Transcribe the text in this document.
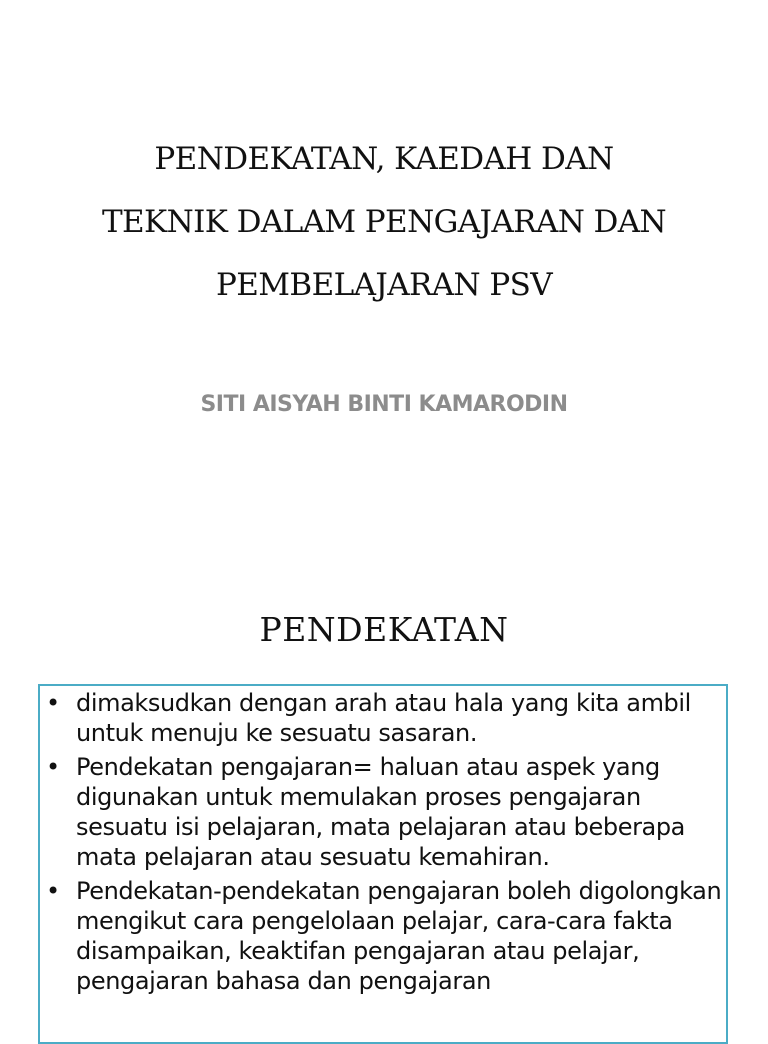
PENDEKATAN, KAEDAH DAN
TEKNIK DALAM PENGAJARAN DAN
PEMBELAJARAN PSV
SITI AISYAH BINTI KAMARODIN
PENDEKATAN
• dimaksudkan dengan arah atau hala yang kita ambil untuk menuju ke sesuatu sasaran.
• Pendekatan pengajaran= haluan atau aspek yang digunakan untuk memulakan proses pengajaran sesuatu isi pelajaran, mata pelajaran atau beberapa mata pelajaran atau sesuatu kemahiran.
• Pendekatan-pendekatan pengajaran boleh digolongkan mengikut cara pengelolaan pelajar, cara-cara fakta disampaikan, keaktifan pengajaran atau pelajar, pengajaran bahasa dan pengajaran
